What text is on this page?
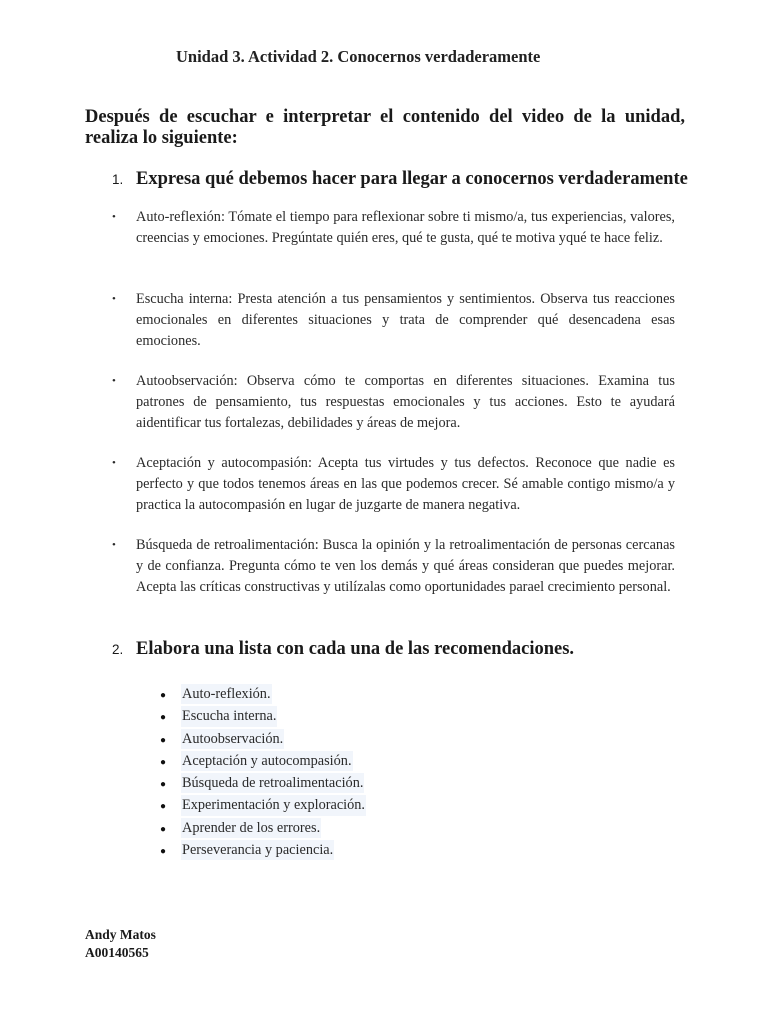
Unidad 3. Actividad 2. Conocernos verdaderamente
Después de escuchar e interpretar el contenido del video de la unidad, realiza lo siguiente:
1. Expresa qué debemos hacer para llegar a conocernos verdaderamente
•	Auto-reflexión: Tómate el tiempo para reflexionar sobre ti mismo/a, tus experiencias, valores, creencias y emociones. Pregúntate quién eres, qué te gusta, qué te motiva yqué te hace feliz.
•	Escucha interna: Presta atención a tus pensamientos y sentimientos. Observa tus reacciones emocionales en diferentes situaciones y trata de comprender qué desencadena esas emociones.
•	Autoobservación: Observa cómo te comportas en diferentes situaciones. Examina tus patrones de pensamiento, tus respuestas emocionales y tus acciones. Esto te ayudará aidentificar tus fortalezas, debilidades y áreas de mejora.
•	Aceptación y autocompasión: Acepta tus virtudes y tus defectos. Reconoce que nadie es perfecto y que todos tenemos áreas en las que podemos crecer. Sé amable contigo mismo/a y practica la autocompasión en lugar de juzgarte de manera negativa.
•	Búsqueda de retroalimentación: Busca la opinión y la retroalimentación de personas cercanas y de confianza. Pregunta cómo te ven los demás y qué áreas consideran que puedes mejorar. Acepta las críticas constructivas y utilízalas como oportunidades parael crecimiento personal.
2. Elabora una lista con cada una de las recomendaciones.
●	Auto-reflexión.
●	Escucha interna.
●	Autoobservación.
●	Aceptación y autocompasión.
●	Búsqueda de retroalimentación.
●	Experimentación y exploración.
●	Aprender de los errores.
●	Perseverancia y paciencia.
Andy Matos
A00140565
